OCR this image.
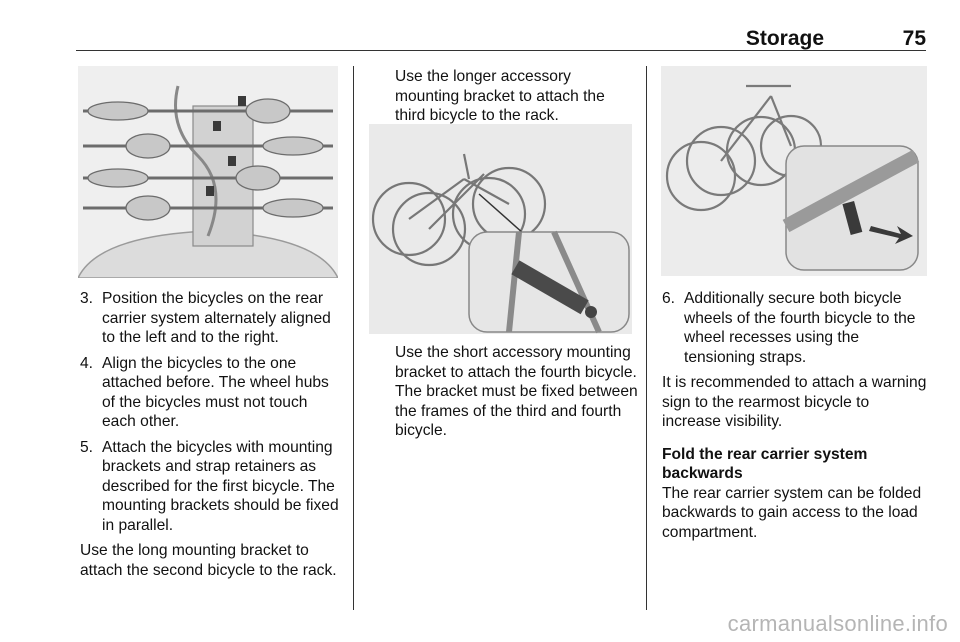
Storage	75
3. Position the bicycles on the rear carrier system alternately aligned to the left and to the right.
4. Align the bicycles to the one attached before. The wheel hubs of the bicycles must not touch each other.
5. Attach the bicycles with mounting brackets and strap retainers as described for the first bicycle. The mounting brackets should be fixed in parallel.

Use the long mounting bracket to attach the second bicycle to the rack.

Use the longer accessory mounting bracket to attach the third bicycle to the rack.

Use the short accessory mounting bracket to attach the fourth bicycle. The bracket must be fixed between the frames of the third and fourth bicycle.

6. Additionally secure both bicycle wheels of the fourth bicycle to the wheel recesses using the tensioning straps.

It is recommended to attach a warning sign to the rearmost bicycle to increase visibility.

Fold the rear carrier system backwards

The rear carrier system can be folded backwards to gain access to the load compartment.

carmanualsonline.info
